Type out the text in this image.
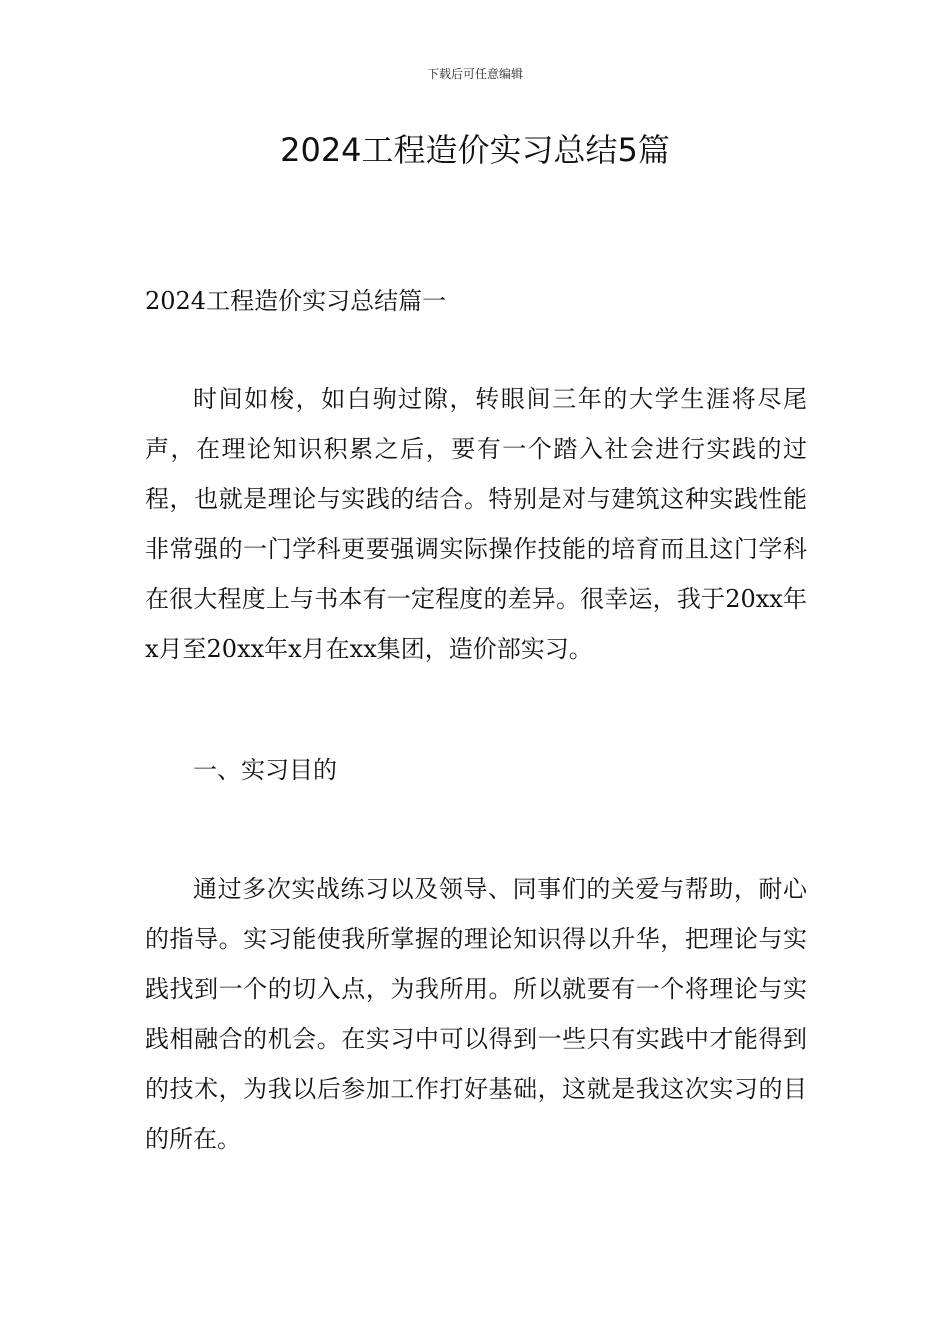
下载后可任意编辑
2024工程造价实习总结5篇
2024工程造价实习总结篇一

时间如梭，如白驹过隙，转眼间三年的大学生涯将尽尾声，在理论知识积累之后，要有一个踏入社会进行实践的过程，也就是理论与实践的结合。特别是对与建筑这种实践性能非常强的一门学科更要强调实际操作技能的培育而且这门学科在很大程度上与书本有一定程度的差异。很幸运，我于20xx年x月至20xx年x月在xx集团，造价部实习。

一、实习目的

通过多次实战练习以及领导、同事们的关爱与帮助，耐心的指导。实习能使我所掌握的理论知识得以升华，把理论与实践找到一个的切入点，为我所用。所以就要有一个将理论与实践相融合的机会。在实习中可以得到一些只有实践中才能得到的技术，为我以后参加工作打好基础，这就是我这次实习的目的所在。
